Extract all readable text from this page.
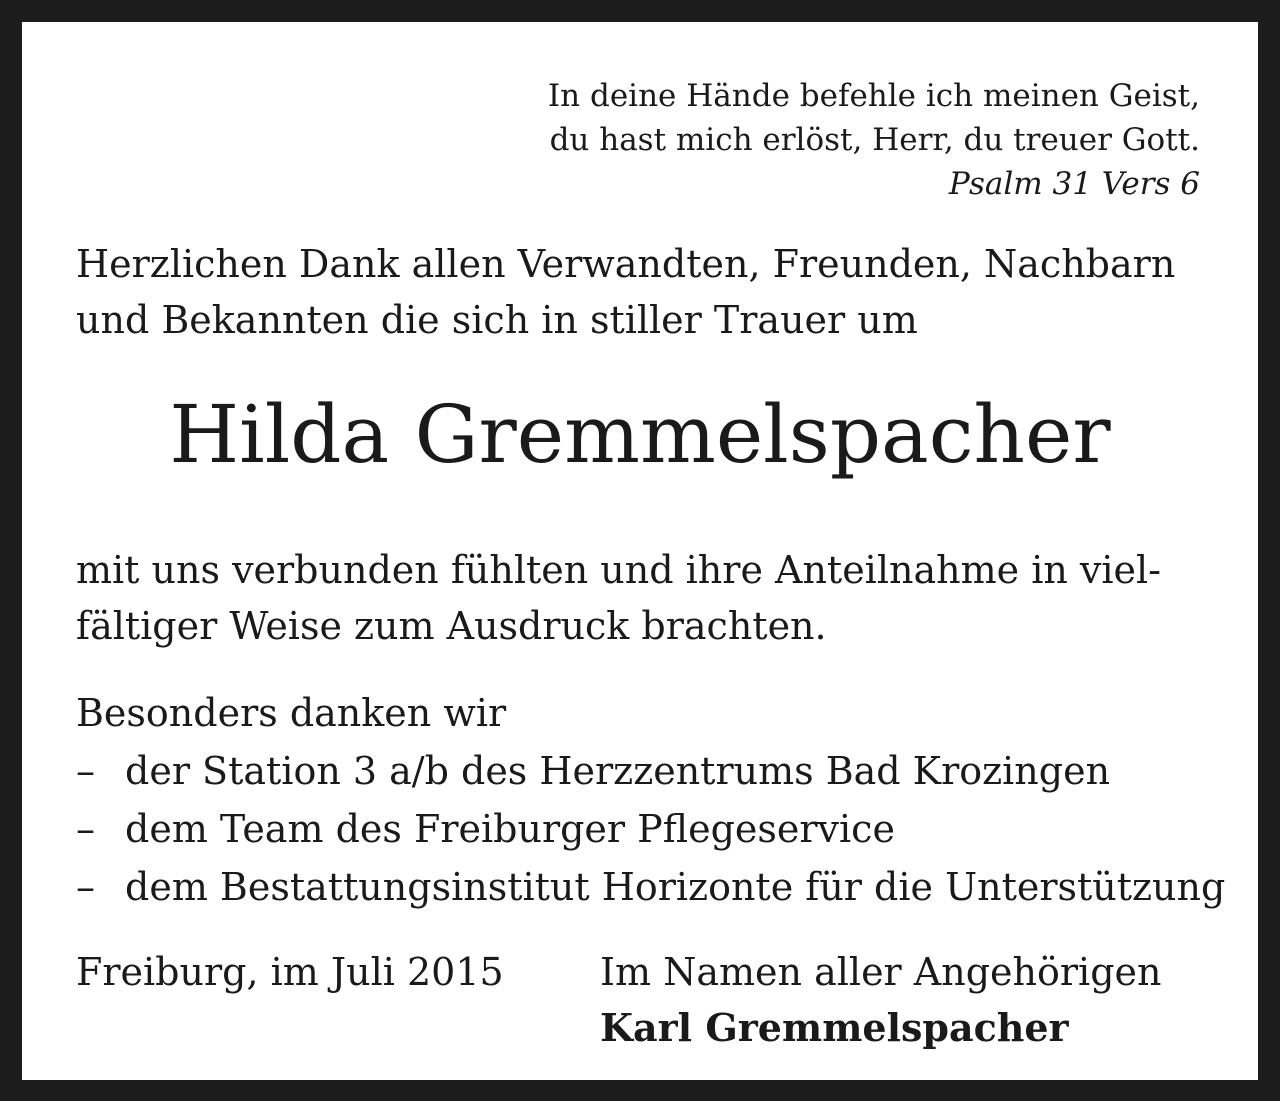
In deine Hände befehle ich meinen Geist,
du hast mich erlöst, Herr, du treuer Gott.
Psalm 31 Vers 6
Herzlichen Dank allen Verwandten, Freunden, Nachbarn
und Bekannten die sich in stiller Trauer um
Hilda Gremmelspacher
mit uns verbunden fühlten und ihre Anteilnahme in viel-
fältiger Weise zum Ausdruck brachten.
Besonders danken wir
– der Station 3 a/b des Herzzentrums Bad Krozingen
– dem Team des Freiburger Pflegeservice
– dem Bestattungsinstitut Horizonte für die Unterstützung
Freiburg, im Juli 2015	Im Namen aller Angehörigen
Karl Gremmelspacher
